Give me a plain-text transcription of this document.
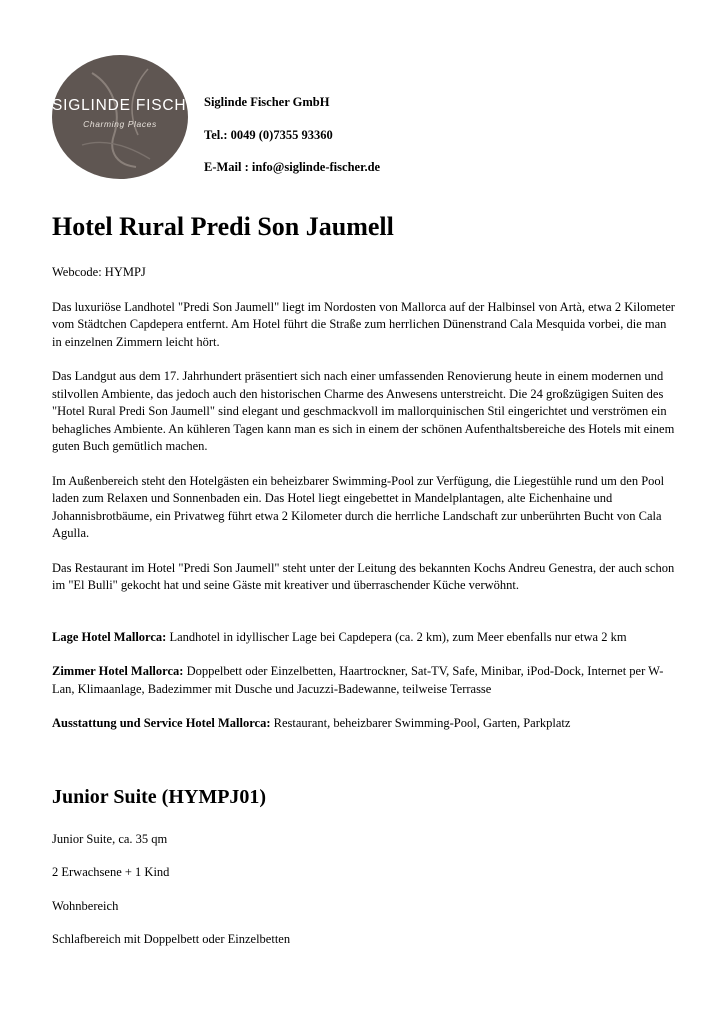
SIGLINDE FISCHER
Charming Places
Siglinde Fischer GmbH
Tel.: 0049 (0)7355 93360
E-Mail : info@siglinde-fischer.de
Hotel Rural Predi Son Jaumell

Webcode: HYMPJ

Das luxuriöse Landhotel "Predi Son Jaumell" liegt im Nordosten von Mallorca auf der Halbinsel von Artà, etwa 2 Kilometer vom Städtchen Capdepera entfernt. Am Hotel führt die Straße zum herrlichen Dünenstrand Cala Mesquida vorbei, die man in einzelnen Zimmern leicht hört.

Das Landgut aus dem 17. Jahrhundert präsentiert sich nach einer umfassenden Renovierung heute in einem modernen und stilvollen Ambiente, das jedoch auch den historischen Charme des Anwesens unterstreicht. Die 24 großzügigen Suiten des "Hotel Rural Predi Son Jaumell" sind elegant und geschmackvoll im mallorquinischen Stil eingerichtet und verströmen ein behagliches Ambiente. An kühleren Tagen kann man es sich in einem der schönen Aufenthaltsbereiche des Hotels mit einem guten Buch gemütlich machen.

Im Außenbereich steht den Hotelgästen ein beheizbarer Swimming-Pool zur Verfügung, die Liegestühle rund um den Pool laden zum Relaxen und Sonnenbaden ein. Das Hotel liegt eingebettet in Mandelplantagen, alte Eichenhaine und Johannisbrotbäume, ein Privatweg führt etwa 2 Kilometer durch die herrliche Landschaft zur unberührten Bucht von Cala Agulla.

Das Restaurant im Hotel "Predi Son Jaumell" steht unter der Leitung des bekannten Kochs Andreu Genestra, der auch schon im "El Bulli" gekocht hat und seine Gäste mit kreativer und überraschender Küche verwöhnt.

Lage Hotel Mallorca: Landhotel in idyllischer Lage bei Capdepera (ca. 2 km), zum Meer ebenfalls nur etwa 2 km

Zimmer Hotel Mallorca: Doppelbett oder Einzelbetten, Haartrockner, Sat-TV, Safe, Minibar, iPod-Dock, Internet per W-Lan, Klimaanlage, Badezimmer mit Dusche und Jacuzzi-Badewanne, teilweise Terrasse

Ausstattung und Service Hotel Mallorca: Restaurant, beheizbarer Swimming-Pool, Garten, Parkplatz

Junior Suite (HYMPJ01)

Junior Suite, ca. 35 qm

2 Erwachsene + 1 Kind

Wohnbereich

Schlafbereich mit Doppelbett oder Einzelbetten
